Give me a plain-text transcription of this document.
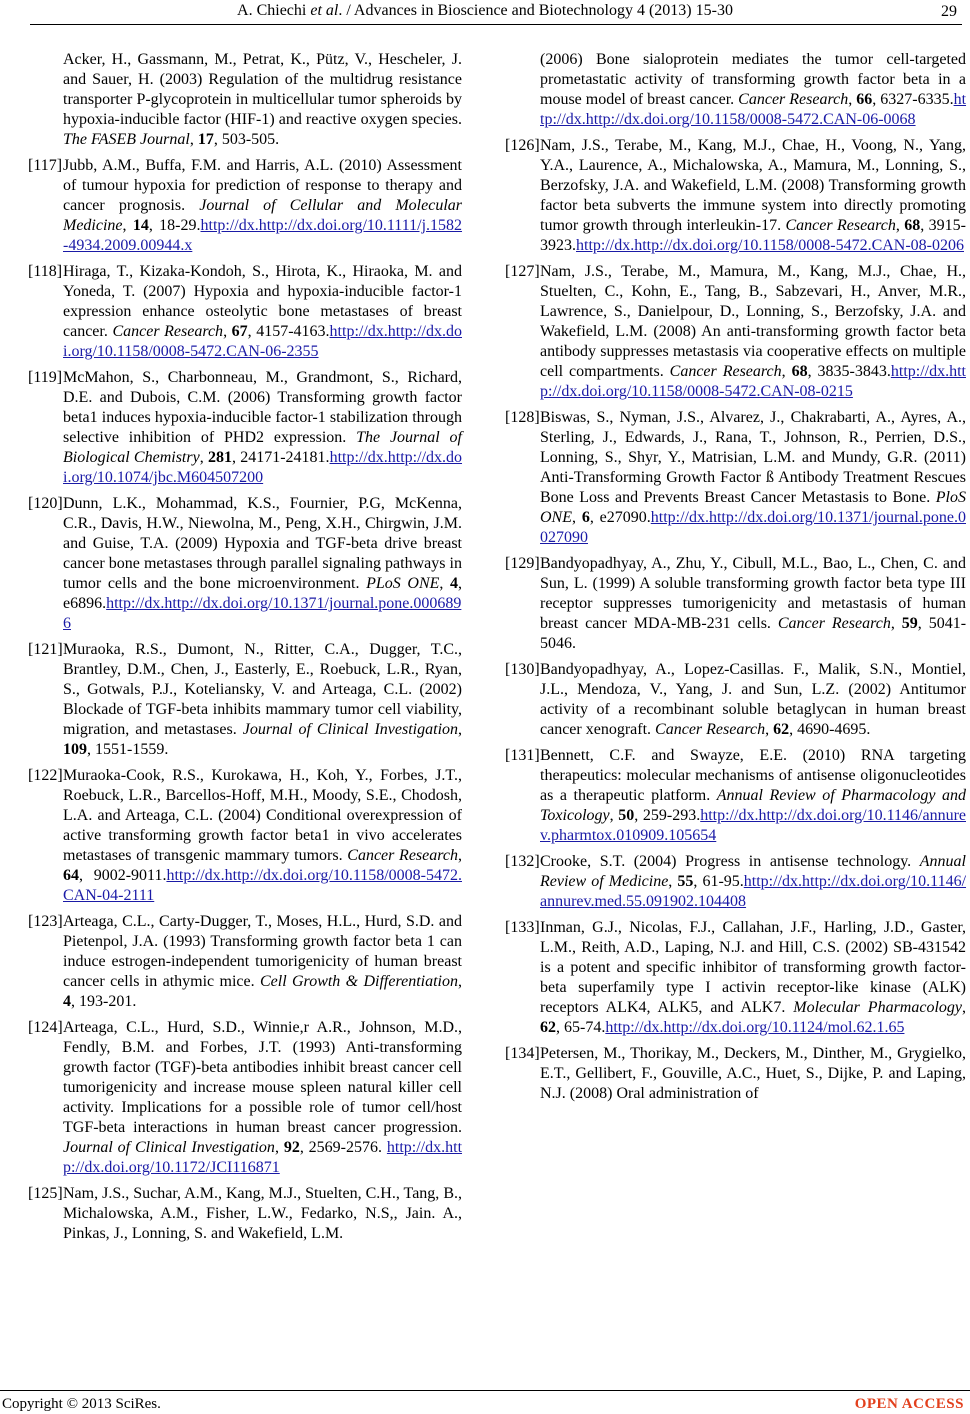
A. Chiechi et al. / Advances in Bioscience and Biotechnology 4 (2013) 15-30	29

Acker, H., Gassmann, M., Petrat, K., Pütz, V., Hescheler, J. and Sauer, H. (2003) Regulation of the multidrug resistance transporter P-glycoprotein in multicellular tumor spheroids by hypoxia-inducible factor (HIF-1) and reactive oxygen species. The FASEB Journal, 17, 503-505.

[117] Jubb, A.M., Buffa, F.M. and Harris, A.L. (2010) Assessment of tumour hypoxia for prediction of response to therapy and cancer prognosis. Journal of Cellular and Molecular Medicine, 14, 18-29.http://dx.http://dx.doi.org/10.1111/j.1582-4934.2009.00944.x

[118] Hiraga, T., Kizaka-Kondoh, S., Hirota, K., Hiraoka, M. and Yoneda, T. (2007) Hypoxia and hypoxia-inducible factor-1 expression enhance osteolytic bone metastases of breast cancer. Cancer Research, 67, 4157-4163.http://dx.http://dx.doi.org/10.1158/0008-5472.CAN-06-2355

[119] McMahon, S., Charbonneau, M., Grandmont, S., Richard, D.E. and Dubois, C.M. (2006) Transforming growth factor beta1 induces hypoxia-inducible factor-1 stabilization through selective inhibition of PHD2 expression. The Journal of Biological Chemistry, 281, 24171-24181.http://dx.http://dx.doi.org/10.1074/jbc.M604507200

[120] Dunn, L.K., Mohammad, K.S., Fournier, P.G, McKenna, C.R., Davis, H.W., Niewolna, M., Peng, X.H., Chirgwin, J.M. and Guise, T.A. (2009) Hypoxia and TGF-beta drive breast cancer bone metastases through parallel signaling pathways in tumor cells and the bone microenvironment. PLoS ONE, 4, e6896.http://dx.http://dx.doi.org/10.1371/journal.pone.0006896

[121] Muraoka, R.S., Dumont, N., Ritter, C.A., Dugger, T.C., Brantley, D.M., Chen, J., Easterly, E., Roebuck, L.R., Ryan, S., Gotwals, P.J., Koteliansky, V. and Arteaga, C.L. (2002) Blockade of TGF-beta inhibits mammary tumor cell viability, migration, and metastases. Journal of Clinical Investigation, 109, 1551-1559.

[122] Muraoka-Cook, R.S., Kurokawa, H., Koh, Y., Forbes, J.T., Roebuck, L.R., Barcellos-Hoff, M.H., Moody, S.E., Chodosh, L.A. and Arteaga, C.L. (2004) Conditional overexpression of active transforming growth factor beta1 in vivo accelerates metastases of transgenic mammary tumors. Cancer Research, 64, 9002-9011.http://dx.http://dx.doi.org/10.1158/0008-5472.CAN-04-2111

[123] Arteaga, C.L., Carty-Dugger, T., Moses, H.L., Hurd, S.D. and Pietenpol, J.A. (1993) Transforming growth factor beta 1 can induce estrogen-independent tumorigenicity of human breast cancer cells in athymic mice. Cell Growth & Differentiation, 4, 193-201.

[124] Arteaga, C.L., Hurd, S.D., Winnie,r A.R., Johnson, M.D., Fendly, B.M. and Forbes, J.T. (1993) Anti-transforming growth factor (TGF)-beta antibodies inhibit breast cancer cell tumorigenicity and increase mouse spleen natural killer cell activity. Implications for a possible role of tumor cell/host TGF-beta interactions in human breast cancer progression. Journal of Clinical Investigation, 92, 2569-2576. http://dx.http://dx.doi.org/10.1172/JCI116871

[125] Nam, J.S., Suchar, A.M., Kang, M.J., Stuelten, C.H., Tang, B., Michalowska, A.M., Fisher, L.W., Fedarko, N.S,, Jain. A., Pinkas, J., Lonning, S. and Wakefield, L.M.

(2006) Bone sialoprotein mediates the tumor cell-targeted prometastatic activity of transforming growth factor beta in a mouse model of breast cancer. Cancer Research, 66, 6327-6335.http://dx.http://dx.doi.org/10.1158/0008-5472.CAN-06-0068

[126] Nam, J.S., Terabe, M., Kang, M.J., Chae, H., Voong, N., Yang, Y.A., Laurence, A., Michalowska, A., Mamura, M., Lonning, S., Berzofsky, J.A. and Wakefield, L.M. (2008) Transforming growth factor beta subverts the immune system into directly promoting tumor growth through interleukin-17. Cancer Research, 68, 3915-3923.http://dx.http://dx.doi.org/10.1158/0008-5472.CAN-08-0206

[127] Nam, J.S., Terabe, M., Mamura, M., Kang, M.J., Chae, H., Stuelten, C., Kohn, E., Tang, B., Sabzevari, H., Anver, M.R., Lawrence, S., Danielpour, D., Lonning, S., Berzofsky, J.A. and Wakefield, L.M. (2008) An anti-transforming growth factor beta antibody suppresses metastasis via cooperative effects on multiple cell compartments. Cancer Research, 68, 3835-3843.http://dx.http://dx.doi.org/10.1158/0008-5472.CAN-08-0215

[128] Biswas, S., Nyman, J.S., Alvarez, J., Chakrabarti, A., Ayres, A., Sterling, J., Edwards, J., Rana, T., Johnson, R., Perrien, D.S., Lonning, S., Shyr, Y., Matrisian, L.M. and Mundy, G.R. (2011) Anti-Transforming Growth Factor ß Antibody Treatment Rescues Bone Loss and Prevents Breast Cancer Metastasis to Bone. PloS ONE, 6, e27090.http://dx.http://dx.doi.org/10.1371/journal.pone.0027090

[129] Bandyopadhyay, A., Zhu, Y., Cibull, M.L., Bao, L., Chen, C. and Sun, L. (1999) A soluble transforming growth factor beta type III receptor suppresses tumorigenicity and metastasis of human breast cancer MDA-MB-231 cells. Cancer Research, 59, 5041-5046.

[130] Bandyopadhyay, A., Lopez-Casillas. F., Malik, S.N., Montiel, J.L., Mendoza, V., Yang, J. and Sun, L.Z. (2002) Antitumor activity of a recombinant soluble betaglycan in human breast cancer xenograft. Cancer Research, 62, 4690-4695.

[131] Bennett, C.F. and Swayze, E.E. (2010) RNA targeting therapeutics: molecular mechanisms of antisense oligonucleotides as a therapeutic platform. Annual Review of Pharmacology and Toxicology, 50, 259-293.http://dx.http://dx.doi.org/10.1146/annurev.pharmtox.010909.105654

[132] Crooke, S.T. (2004) Progress in antisense technology. Annual Review of Medicine, 55, 61-95.http://dx.http://dx.doi.org/10.1146/annurev.med.55.091902.104408

[133] Inman, G.J., Nicolas, F.J., Callahan, J.F., Harling, J.D., Gaster, L.M., Reith, A.D., Laping, N.J. and Hill, C.S. (2002) SB-431542 is a potent and specific inhibitor of transforming growth factor-beta superfamily type I activin receptor-like kinase (ALK) receptors ALK4, ALK5, and ALK7. Molecular Pharmacology, 62, 65-74.http://dx.http://dx.doi.org/10.1124/mol.62.1.65

[134] Petersen, M., Thorikay, M., Deckers, M., Dinther, M., Grygielko, E.T., Gellibert, F., Gouville, A.C., Huet, S., Dijke, P. and Laping, N.J. (2008) Oral administration of

Copyright © 2013 SciRes.	OPEN ACCESS
